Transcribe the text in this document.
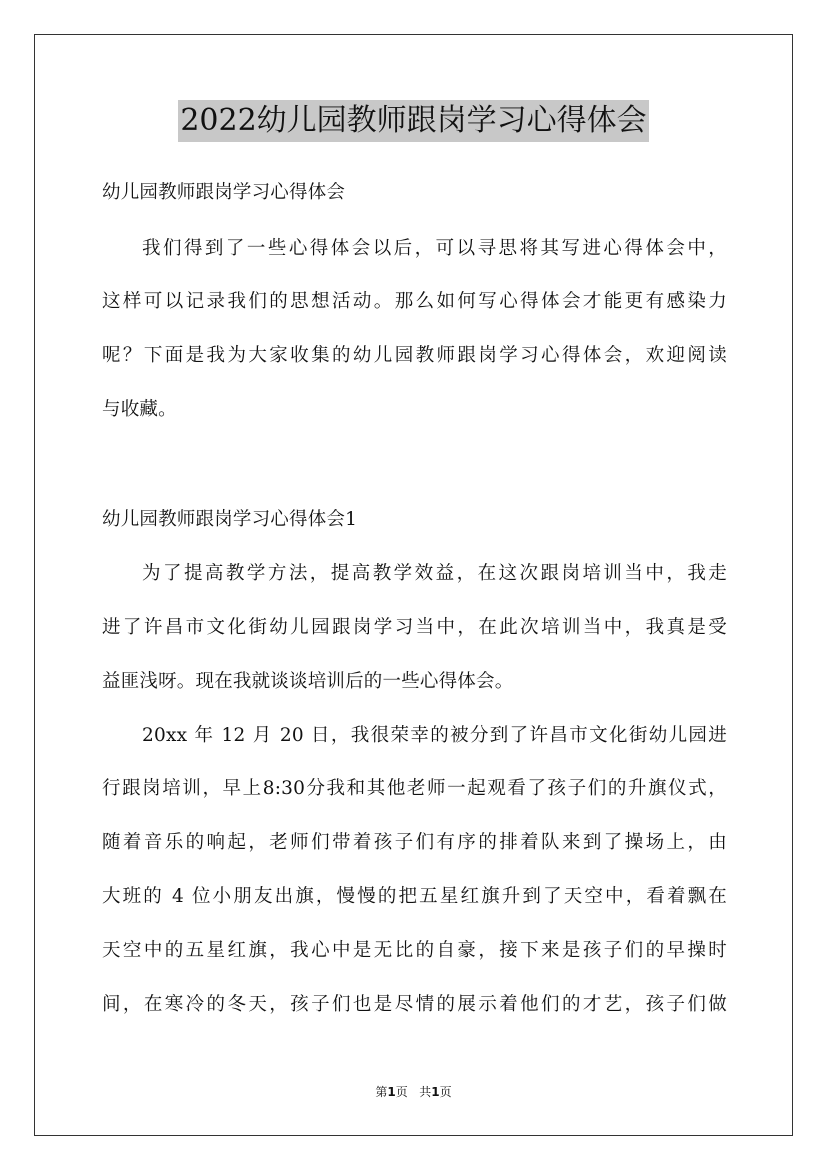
2022幼儿园教师跟岗学习心得体会
幼儿园教师跟岗学习心得体会
我们得到了一些心得体会以后，可以寻思将其写进心得体会中，
这样可以记录我们的思想活动。那么如何写心得体会才能更有感染力
呢？下面是我为大家收集的幼儿园教师跟岗学习心得体会，欢迎阅读
与收藏。
幼儿园教师跟岗学习心得体会1
为了提高教学方法，提高教学效益，在这次跟岗培训当中，我走
进了许昌市文化街幼儿园跟岗学习当中，在此次培训当中，我真是受
益匪浅呀。现在我就谈谈培训后的一些心得体会。
20xx 年 12 月 20 日，我很荣幸的被分到了许昌市文化街幼儿园进
行跟岗培训，早上8:30分我和其他老师一起观看了孩子们的升旗仪式，
随着音乐的响起，老师们带着孩子们有序的排着队来到了操场上，由
大班的 4 位小朋友出旗，慢慢的把五星红旗升到了天空中，看着飘在
天空中的五星红旗，我心中是无比的自豪，接下来是孩子们的早操时
间，在寒冷的冬天，孩子们也是尽情的展示着他们的才艺，孩子们做
第1页 共1页
